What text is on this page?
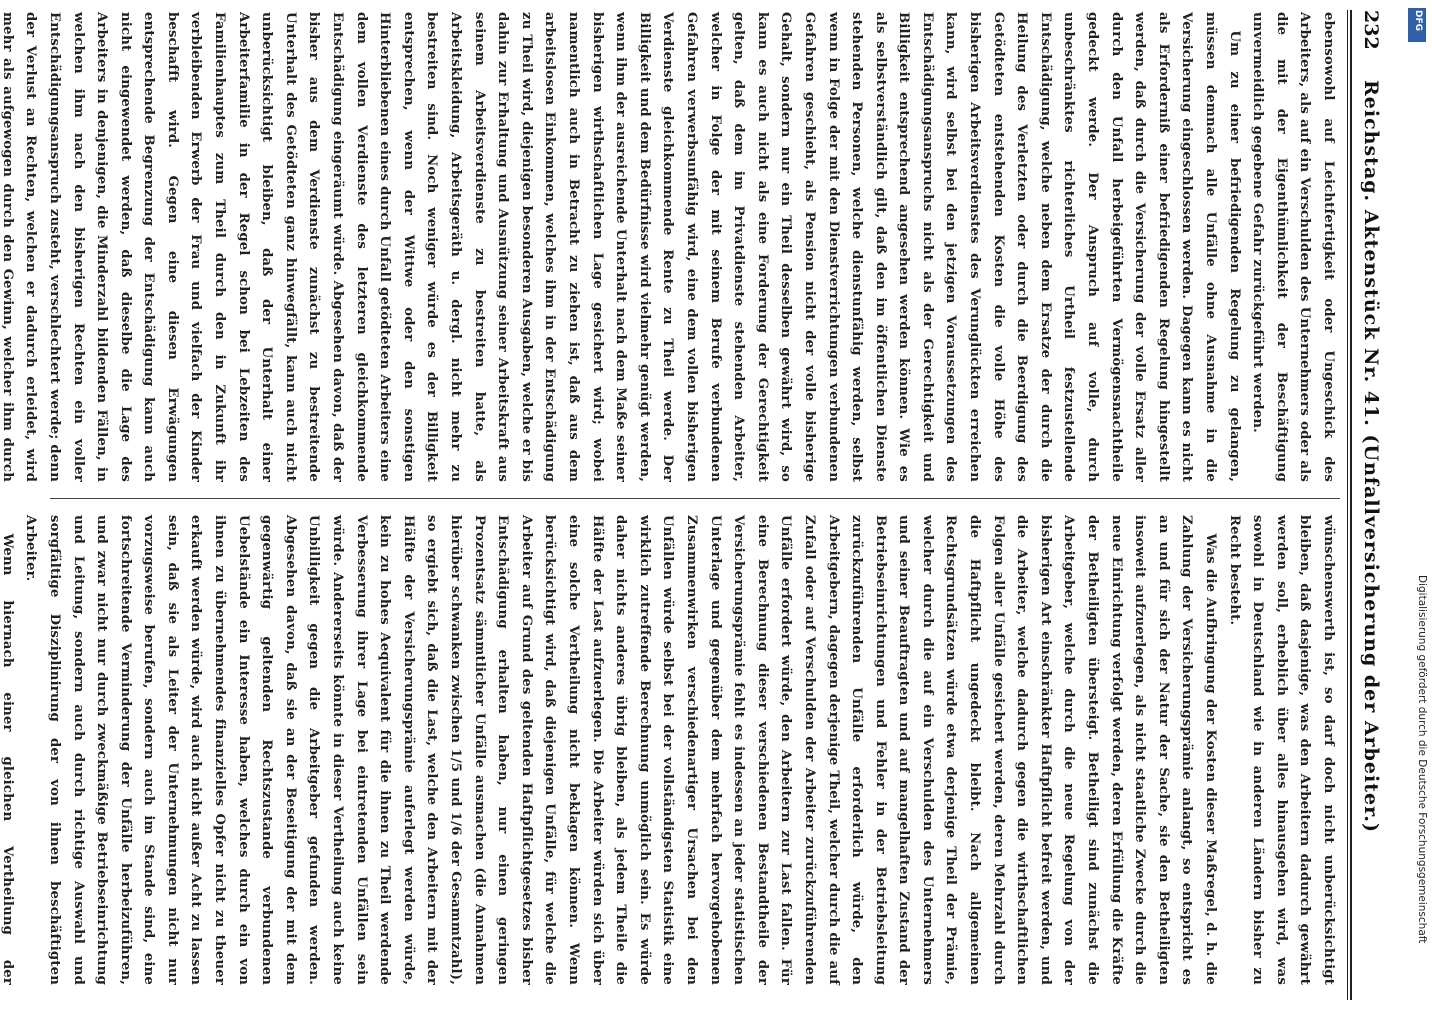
232
Reichstag. Aktenstück Nr. 41. (Unfallversicherung der Arbeiter.)

ebensowohl auf Leichtfertigkeit oder Ungeschick des Arbeiters, als auf ein Verschulden des Unternehmers oder als die mit der Eigenthümlichkeit der Beschäftigung unvermeidlich gegebene Gefahr zurückgeführt werden.

Um zu einer befriedigenden Regelung zu gelangen, müssen demnach alle Unfälle ohne Ausnahme in die Versicherung eingeschlossen werden. Dagegen kann es nicht als Erforderniß einer befriedigenden Regelung hingestellt werden, daß durch die Versicherung der volle Ersatz aller durch den Unfall herbeigeführten Vermögensnachtheile gedeckt werde. Der Anspruch auf volle, durch unbeschränktes richterliches Urtheil festzustellende Entschädigung, welche neben dem Ersatze der durch die Heilung des Verletzten oder durch die Beerdigung des Getödteten entstehenden Kosten die volle Höhe des bisherigen Arbeitsverdienstes des Verunglückten erreichen kann, wird selbst bei den jetzigen Voraussetzungen des Entschädigungsanspruchs nicht als der Gerechtigkeit und Billigkeit entsprechend angesehen werden können. Wie es als selbstverständlich gilt, daß den im öffentlichen Dienste stehenden Personen, welche dienstunfähig werden, selbst wenn in Folge der mit den Dienstverrichtungen verbundenen Gefahren geschieht, als Pension nicht der volle bisherige Gehalt, sondern nur ein Theil desselben gewährt wird, so kann es auch nicht als eine Forderung der Gerechtigkeit gelten, daß dem im Privatdienste stehenden Arbeiter, welcher in Folge der mit seinem Berufe verbundenen Gefahren verwerbsunfähig wird, eine dem vollen bisherigen Verdienste gleichkommende Rente zu Theil werde. Der Billigkeit und dem Bedürfnisse wird vielmehr genügt werden, wenn ihm der ausreichende Unterhalt nach dem Maße seiner bisherigen wirthschaftlichen Lage gesichert wird; wobei namentlich auch in Betracht zu ziehen ist, daß aus dem arbeitslosen Einkommen, welches ihm in der Entschädigung zu Theil wird, diejenigen besonderen Ausgaben, welche er bis dahin zur Erhaltung und Ausnützung seiner Arbeitskraft aus seinem Arbeitsverdienste zu bestreiten hatte, als Arbeitskleidung, Arbeitsgeräth u. dergl. nicht mehr zu bestreiten sind. Noch weniger würde es der Billigkeit entsprechen, wenn der Wittwe oder den sonstigen Hinterbliebenen eines durch Unfall getödteten Arbeiters eine dem vollen Verdienste des letzteren gleichkommende Entschädigung eingeräumt würde. Abgesehen davon, daß der bisher aus dem Verdienste zunächst zu bestreitende Unterhalt des Getödteten ganz hinwegfällt, kann auch nicht unberücksichtigt bleiben, daß der Unterhalt einer Arbeiterfamilie in der Regel schon bei Lebzeiten des Familienhauptes zum Theil durch den in Zukunft ihr verbleibenden Erwerb der Frau und vielfach der Kinder beschafft wird. Gegen eine diesen Erwägungen entsprechende Begrenzung der Entschädigung kann auch nicht eingewendet werden, daß dieselbe die Lage des Arbeiters in denjenigen, die Minderzahl bildenden Fällen, in welchen ihm nach den bisherigen Rechten ein voller Entschädigungsanspruch zusteht, verschlechtert werde; denn der Verlust an Rechten, welchen er dadurch erleidet, wird mehr als aufgewogen durch den Gewinn, welcher ihm durch

wünschenswerth ist, so darf doch nicht unberücksichtigt bleiben, daß dasjenige, was den Arbeitern dadurch gewährt werden soll, erheblich über alles hinausgehen wird, was sowohl in Deutschland wie in anderen Ländern bisher zu Recht besteht.

Was die Aufbringung der Kosten dieser Maßregel, d. h. die Zahlung der Versicherungsprämie anlangt, so entspricht es an und für sich der Natur der Sache, sie den Betheiligten insoweit aufzuerlegen, als nicht staatliche Zwecke durch die neue Einrichtung verfolgt werden, deren Erfüllung die Kräfte der Betheiligten übersteigt. Betheiligt sind zunächst die Arbeitgeber, welche durch die neue Regelung von der bisherigen Art einschränkter Haftpflicht befreit werden, und die Arbeiter, welche dadurch gegen die wirthschaftlichen Folgen aller Unfälle gesichert werden, deren Mehrzahl durch die Haftpflicht ungedeckt bleibt. Nach allgemeinen Rechtsgrundsätzen würde etwa derjenige Theil der Prämie, welcher durch die auf ein Verschulden des Unternehmers und seiner Beauftragten und auf mangelhaften Zustand der Betriebseinrichtungen und Fehler in der Betriebsleitung zurückzuführenden Unfälle erforderlich würde, den Arbeitgebern, dagegen derjenige Theil, welcher durch die auf Zufall oder auf Verschulden der Arbeiter zurückzuführenden Unfälle erfordert würde, den Arbeitern zur Last fallen. Für eine Berechnung dieser verschiedenen Bestandtheile der Versicherungsprämie fehlt es indessen an jeder statistischen Unterlage und gegenüber dem mehrfach hervorgehobenen Zusammenwirken verschiedenartiger Ursachen bei den Unfällen würde selbst bei der vollständigsten Statistik eine wirklich zutreffende Berechnung unmöglich sein. Es würde daher nichts anderes übrig bleiben, als jedem Theile die Hälfte der Last aufzuerlegen. Die Arbeiter würden sich über eine solche Vertheilung nicht beklagen können. Wenn berücksichtigt wird, daß diejenigen Unfälle, für welche die Arbeiter auf Grund des geltenden Haftpflichtgesetzes bisher Entschädigung erhalten haben, nur einen geringen Prozentsatz sämmtlicher Unfälle ausmachen (die Annahmen hierüber schwanken zwischen 1/5 und 1/6 der Gesammtzahl), so ergiebt sich, daß die Last, welche den Arbeitern mit der Hälfte der Versicherungsprämie auferlegt werden würde, kein zu hohes Aequivalent für die ihnen zu Theil werdende Verbesserung ihrer Lage bei eintretenden Unfällen sein würde. Andererseits könnte in dieser Vertheilung auch keine Unbilligkeit gegen die Arbeitgeber gefunden werden. Abgesehen davon, daß sie an der Beseitigung der mit dem gegenwärtig geltenden Rechtszustande verbundenen Uebelstände ein Interesse haben, welches durch ein von ihnen zu übernehmendes finanzielles Opfer nicht zu theuer erkauft werden würde, wird auch nicht außer Acht zu lassen sein, daß sie als Leiter der Unternehmungen nicht nur vorzugsweise berufen, sondern auch im Stande sind, eine fortschreitende Verminderung der Unfälle herbeizuführen, und zwar nicht nur durch zweckmäßige Betriebseinrichtung und Leitung, sondern auch durch richtige Auswahl und sorgfältige Disziplinirung der von ihnen beschäftigten Arbeiter.

Wenn hiernach einer gleichen Vertheilung der

DFG
Digitalisierung gefördert durch die Deutsche Forschungsgemeinschaft
